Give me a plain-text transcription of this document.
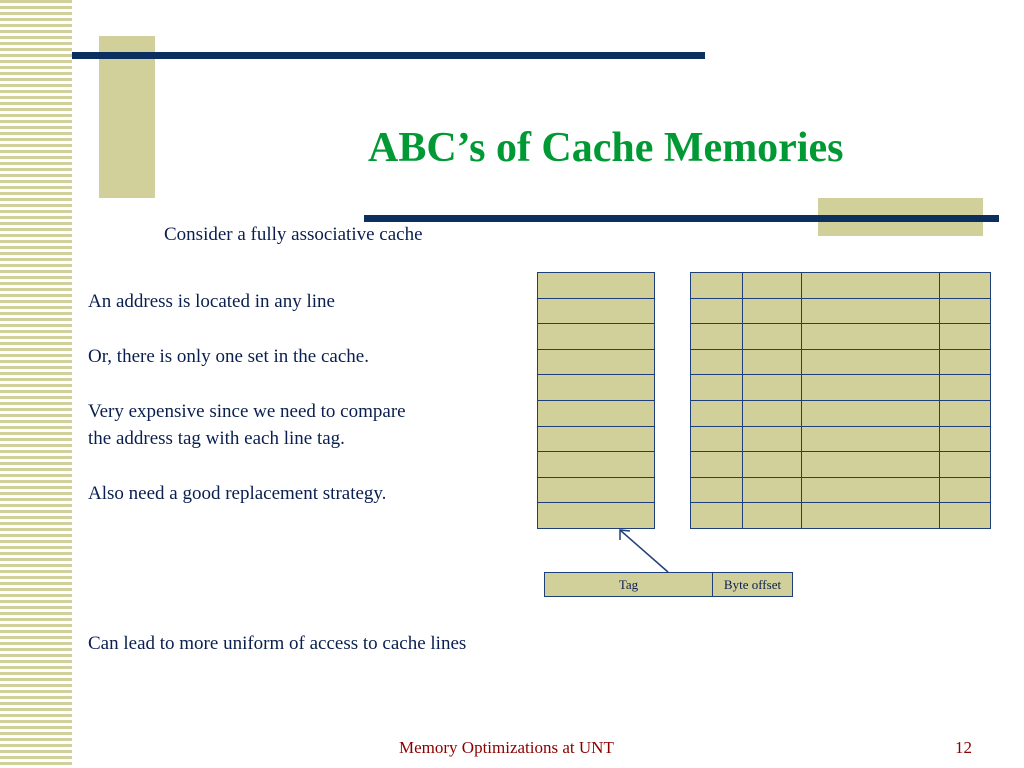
ABC’s of Cache Memories
Consider a fully associative cache
An address is located in any line
Or, there is only one set in the cache.
Very expensive since we need to compare
the address tag with each line tag.
Also need a good replacement strategy.
Can lead to more uniform of access to cache lines
Tag	Byte offset
Memory Optimizations at UNT	12
